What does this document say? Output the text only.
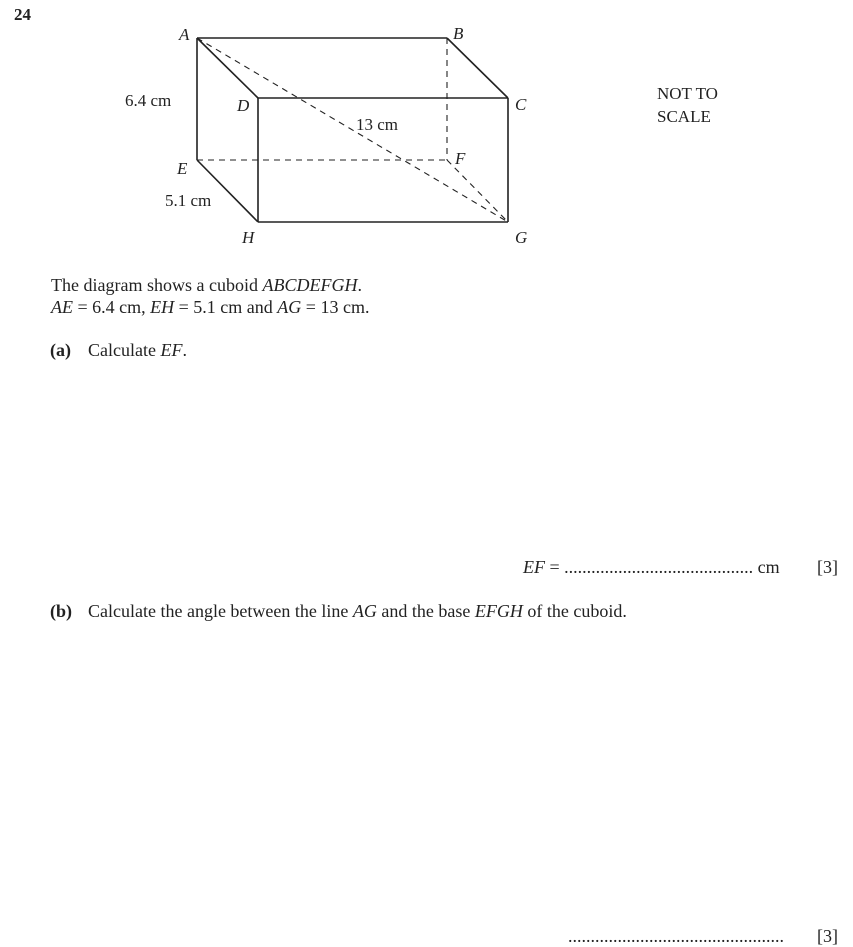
24
A	B
C
D
E
F
G
H
6.4 cm
5.1 cm
13 cm
NOT TO
SCALE
The diagram shows a cuboid ABCDEFGH.
AE = 6.4 cm, EH = 5.1 cm and AG = 13 cm.
(a) Calculate EF.
EF = .......................................... cm [3]
(b) Calculate the angle between the line AG and the base EFGH of the cuboid.
................................................ [3]
